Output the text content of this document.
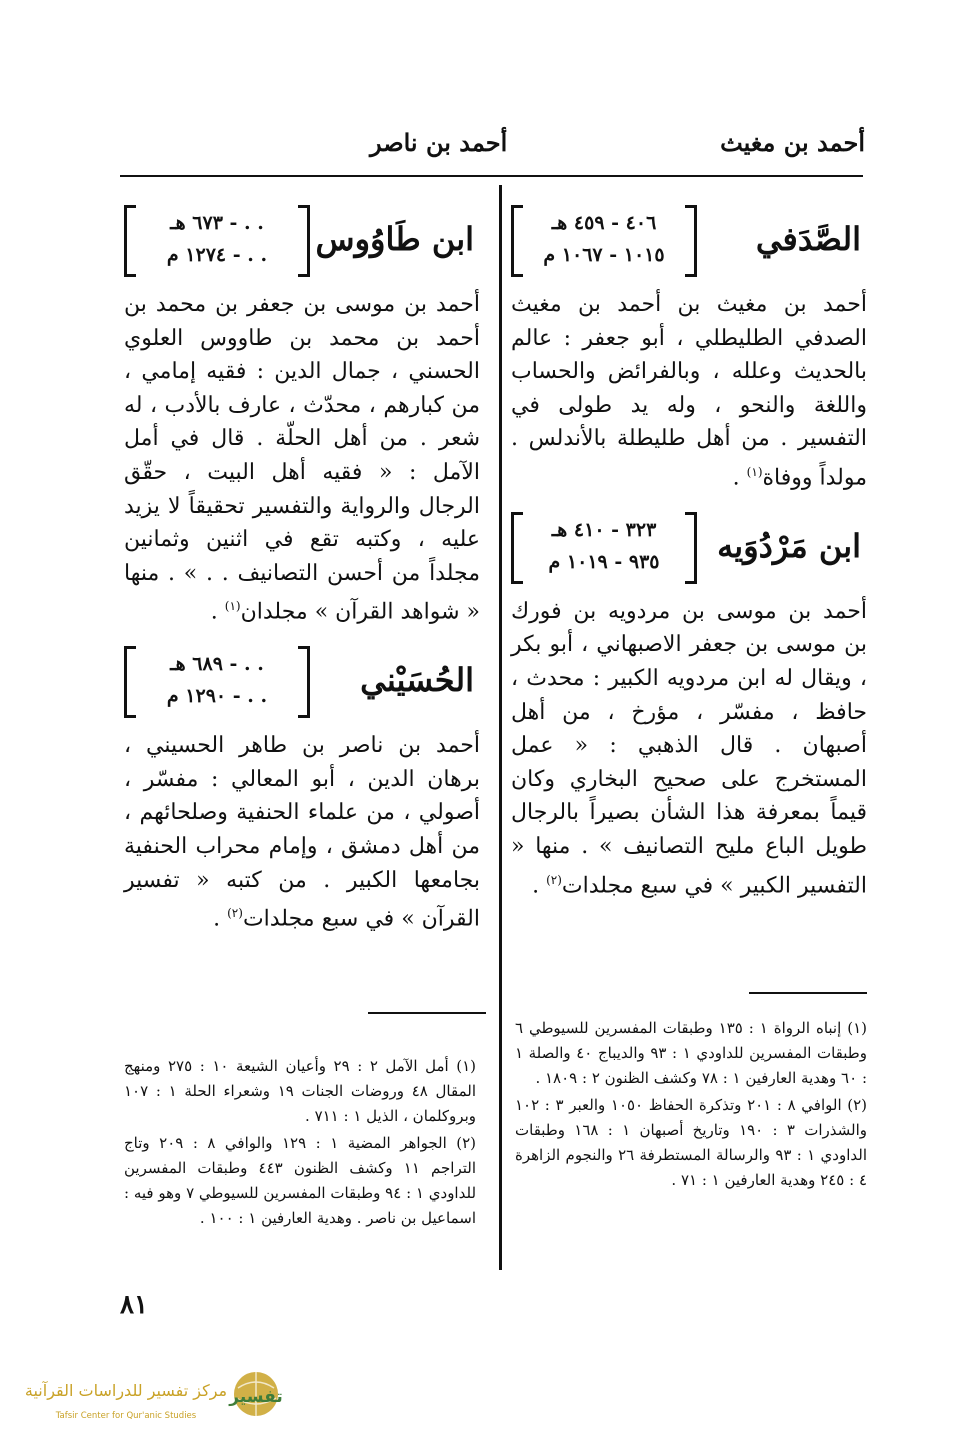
أحمد بن مغيث
أحمد بن ناصر
الصَّدَفي
٤٠٦ - ٤٥٩ هـ
١٠١٥ - ١٠٦٧ م

أحمد بن مغيث بن أحمد بن مغيث الصدفي الطليطلي ، أبو جعفر : عالم بالحديث وعلله ، وبالفرائض والحساب واللغة والنحو ، وله يد طولى في التفسير . من أهل طليطلة بالأندلس . مولداً ووفاة$^{(١)}$ .

ابن مَرْدُوَيه
٣٢٣ - ٤١٠ هـ
٩٣٥ - ١٠١٩ م

أحمد بن موسى بن مردويه بن فورك بن موسى بن جعفر الاصبهاني ، أبو بكر ، ويقال له ابن مردويه الكبير : محدث ، حافظ ، مفسّر ، مؤرخ ، من أهل أصبهان . قال الذهبي : « عمل المستخرج على صحيح البخاري وكان قيماً بمعرفة هذا الشأن بصيراً بالرجال طويل الباع مليح التصانيف » . منها « التفسير الكبير » في سبع مجلدات$^{(٢)}$ .

ابن طَاوُوس
. . - ٦٧٣ هـ
. . - ١٢٧٤ م

أحمد بن موسى بن جعفر بن محمد بن أحمد بن محمد بن طاووس العلوي الحسني ، جمال الدين : فقيه إمامي ، من كبارهم ، محدّث ، عارف بالأدب ، له شعر . من أهل الحلّة . قال في أمل الآمل : « فقيه أهل البيت ، حقّق الرجال والرواية والتفسير تحقيقاً لا يزيد عليه ، وكتبه تقع في اثنين وثمانين مجلداً من أحسن التصانيف . . » . منها « شواهد القرآن » مجلدان$^{(١)}$ .

الحُسَيْني
. . - ٦٨٩ هـ
. . - ١٢٩٠ م

أحمد بن ناصر بن طاهر الحسيني ، برهان الدين ، أبو المعالي : مفسّر ، أصولي ، من علماء الحنفية وصلحائهم ، من أهل دمشق ، وإمام محراب الحنفية بجامعها الكبير . من كتبه « تفسير القرآن » في سبع مجلدات$^{(٢)}$ .

(١) إنباه الرواة ١ : ١٣٥ وطبقات المفسرين للسيوطي ٦ وطبقات المفسرين للداودي ١ : ٩٣ والديباج ٤٠ والصلة ١ : ٦٠ وهدية العارفين ١ : ٧٨ وكشف الظنون ٢ : ١٨٠٩ .

(٢) الوافي ٨ : ٢٠١ وتذكرة الحفاظ ١٠٥٠ والعبر ٣ : ١٠٢ والشذرات ٣ : ١٩٠ وتاريخ أصبهان ١ : ١٦٨ وطبقات الداودي ١ : ٩٣ والرسالة المستطرفة ٢٦ والنجوم الزاهرة ٤ : ٢٤٥ وهدية العارفين ١ : ٧١ .

(١) أمل الآمل ٢ : ٢٩ وأعيان الشيعة ١٠ : ٢٧٥ ومنهج المقال ٤٨ وروضات الجنات ١٩ وشعراء الحلة ١ : ١٠٧ وبروكلمان ، الذيل ١ : ٧١١ .

(٢) الجواهر المضية ١ : ١٢٩ والوافي ٨ : ٢٠٩ وتاج التراجم ١١ وكشف الظنون ٤٤٣ وطبقات المفسرين للداودي ١ : ٩٤ وطبقات المفسرين للسيوطي ٧ وهو فيه : اسماعيل بن ناصر . وهدية العارفين ١ : ١٠٠ .

٨١
تفسير
مركز تفسير للدراسات القرآنية
Tafsir Center for Qur'anic Studies
